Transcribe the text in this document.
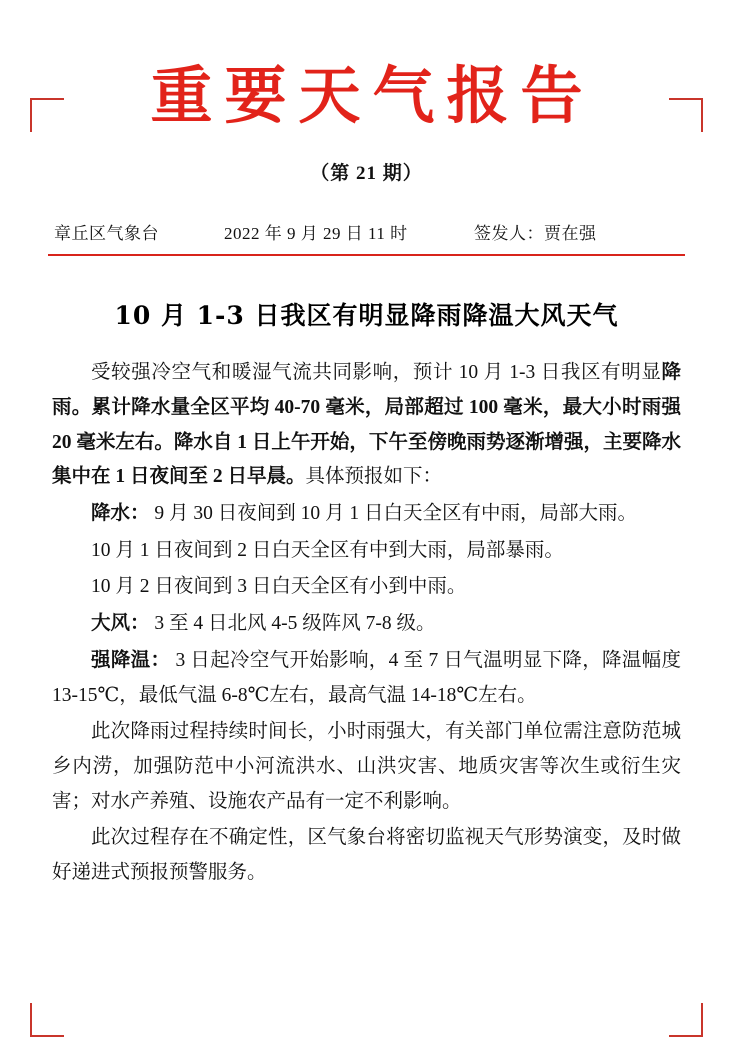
重要天气报告
（第 21 期）
章丘区气象台	2022 年 9 月 29 日 11 时	签发人：贾在强
10 月 1-3 日我区有明显降雨降温大风天气

受较强冷空气和暖湿气流共同影响，预计 10 月 1-3 日我区有明显降雨。累计降水量全区平均 40-70 毫米，局部超过 100 毫米，最大小时雨强 20 毫米左右。降水自 1 日上午开始，下午至傍晚雨势逐渐增强，主要降水集中在 1 日夜间至 2 日早晨。具体预报如下：

降水： 9 月 30 日夜间到 10 月 1 日白天全区有中雨，局部大雨。

10 月 1 日夜间到 2 日白天全区有中到大雨，局部暴雨。

10 月 2 日夜间到 3 日白天全区有小到中雨。

大风： 3 至 4 日北风 4-5 级阵风 7-8 级。

强降温： 3 日起冷空气开始影响，4 至 7 日气温明显下降，降温幅度 13-15℃，最低气温 6-8℃左右，最高气温 14-18℃左右。

此次降雨过程持续时间长，小时雨强大，有关部门单位需注意防范城乡内涝，加强防范中小河流洪水、山洪灾害、地质灾害等次生或衍生灾害；对水产养殖、设施农产品有一定不利影响。

此次过程存在不确定性，区气象台将密切监视天气形势演变，及时做好递进式预报预警服务。
